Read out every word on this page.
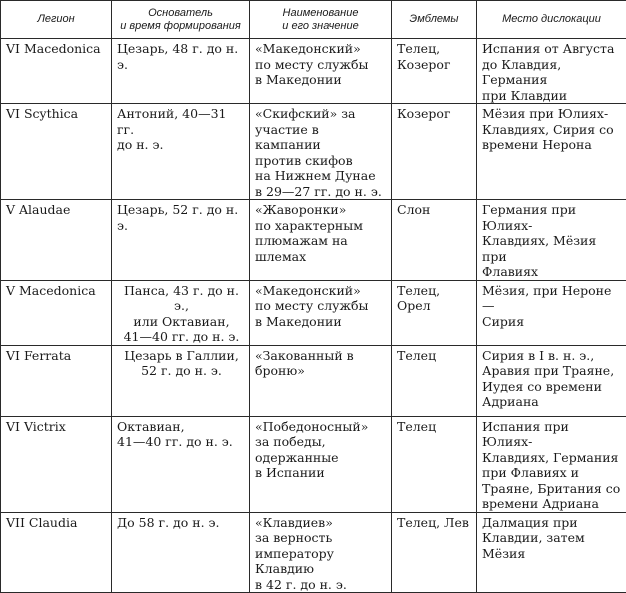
Легион	Основатель
и время формирования	Наименование
и его значение	Эмблемы	Место дислокации
VI Macedonica	Цезарь, 48 г. до н. э.	«Македонский»
по месту службы
в Македонии	Телец,
Козерог	Испания от Августа
до Клавдия, Германия
при Клавдии
VI Scythica	Антоний, 40—31 гг.
до н. э.	«Скифский» за
участие в кампании
против скифов
на Нижнем Дунае
в 29—27 гг. до н. э.	Козерог	Мёзия при Юлиях-
Клавдиях, Сирия со
времени Нерона
V Alaudae	Цезарь, 52 г. до н. э.	«Жаворонки»
по характерным
плюмажам на
шлемах	Слон	Германия при Юлиях-
Клавдиях, Мёзия при
Флавиях
V Macedonica	Панса, 43 г. до н. э.,
или Октавиан,
41—40 гг. до н. э.	«Македонский»
по месту службы
в Македонии	Телец, Орел	Мёзия, при Нероне —
Сирия
VI Ferrata	Цезарь в Галлии,
52 г. до н. э.	«Закованный в
броню»	Телец	Сирия в I в. н. э.,
Аравия при Траяне,
Иудея со времени
Адриана
VI Victrix	Октавиан,
41—40 гг. до н. э.	«Победоносный»
за победы,
одержанные
в Испании	Телец	Испания при Юлиях-
Клавдиях, Германия
при Флавиях и
Траяне, Британия со
времени Адриана
VII Claudia	До 58 г. до н. э.	«Клавдиев»
за верность
императору Клавдию
в 42 г. до н. э.	Телец, Лев	Далмация при
Клавдии, затем Мёзия
